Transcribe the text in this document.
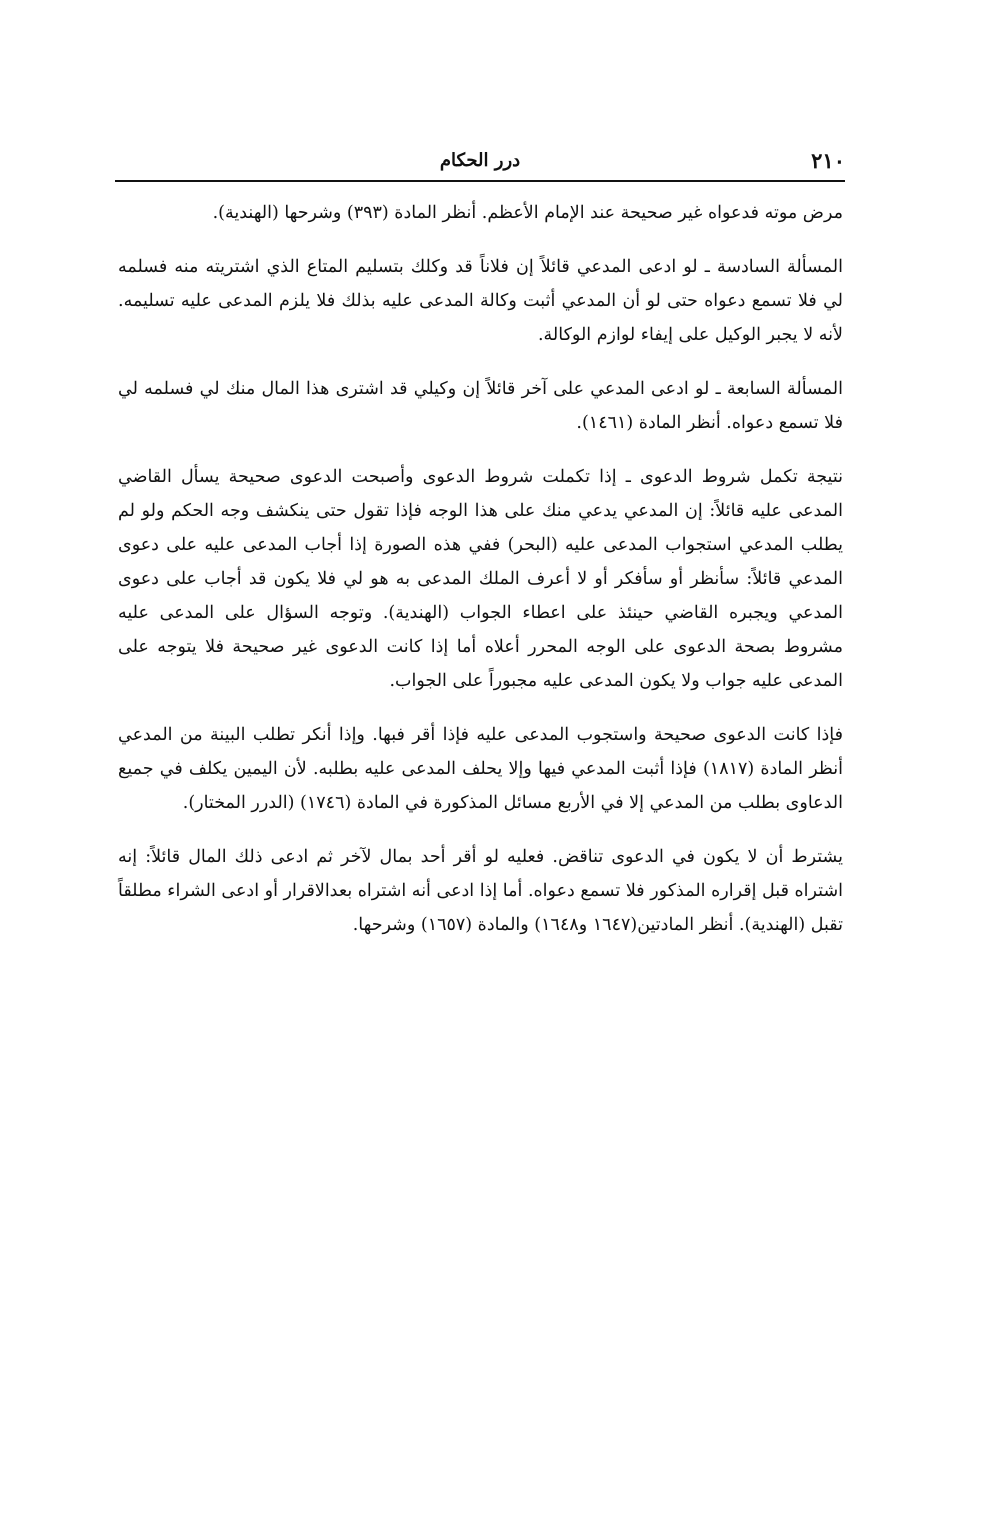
٢١٠
درر الحكام

مرض موته فدعواه غير صحيحة عند الإمام الأعظم. أنظر المادة (٣٩٣) وشرحها (الهندية).

المسألة السادسة ـ لو ادعى المدعي قائلاً إن فلاناً قد وكلك بتسليم المتاع الذي اشتريته منه فسلمه لي فلا تسمع دعواه حتى لو أن المدعي أثبت وكالة المدعى عليه بذلك فلا يلزم المدعى عليه تسليمه. لأنه لا يجبر الوكيل على إيفاء لوازم الوكالة.

المسألة السابعة ـ لو ادعى المدعي على آخر قائلاً إن وكيلي قد اشترى هذا المال منك لي فسلمه لي فلا تسمع دعواه. أنظر المادة (١٤٦١).

نتيجة تكمل شروط الدعوى ـ إذا تكملت شروط الدعوى وأصبحت الدعوى صحيحة يسأل القاضي المدعى عليه قائلاً: إن المدعي يدعي منك على هذا الوجه فإذا تقول حتى ينكشف وجه الحكم ولو لم يطلب المدعي استجواب المدعى عليه (البحر) ففي هذه الصورة إذا أجاب المدعى عليه على دعوى المدعي قائلاً: سأنظر أو سأفكر أو لا أعرف الملك المدعى به هو لي فلا يكون قد أجاب على دعوى المدعي ويجبره القاضي حينئذ على اعطاء الجواب (الهندية). وتوجه السؤال على المدعى عليه مشروط بصحة الدعوى على الوجه المحرر أعلاه أما إذا كانت الدعوى غير صحيحة فلا يتوجه على المدعى عليه جواب ولا يكون المدعى عليه مجبوراً على الجواب.

فإذا كانت الدعوى صحيحة واستجوب المدعى عليه فإذا أقر فبها. وإذا أنكر تطلب البينة من المدعي أنظر المادة (١٨١٧) فإذا أثبت المدعي فيها وإلا يحلف المدعى عليه بطلبه. لأن اليمين يكلف في جميع الدعاوى بطلب من المدعي إلا في الأربع مسائل المذكورة في المادة (١٧٤٦) (الدرر المختار).

يشترط أن لا يكون في الدعوى تناقض. فعليه لو أقر أحد بمال لآخر ثم ادعى ذلك المال قائلاً: إنه اشتراه قبل إقراره المذكور فلا تسمع دعواه. أما إذا ادعى أنه اشتراه بعدالاقرار أو ادعى الشراء مطلقاً تقبل (الهندية). أنظر المادتين(١٦٤٧ و١٦٤٨) والمادة (١٦٥٧) وشرحها.
